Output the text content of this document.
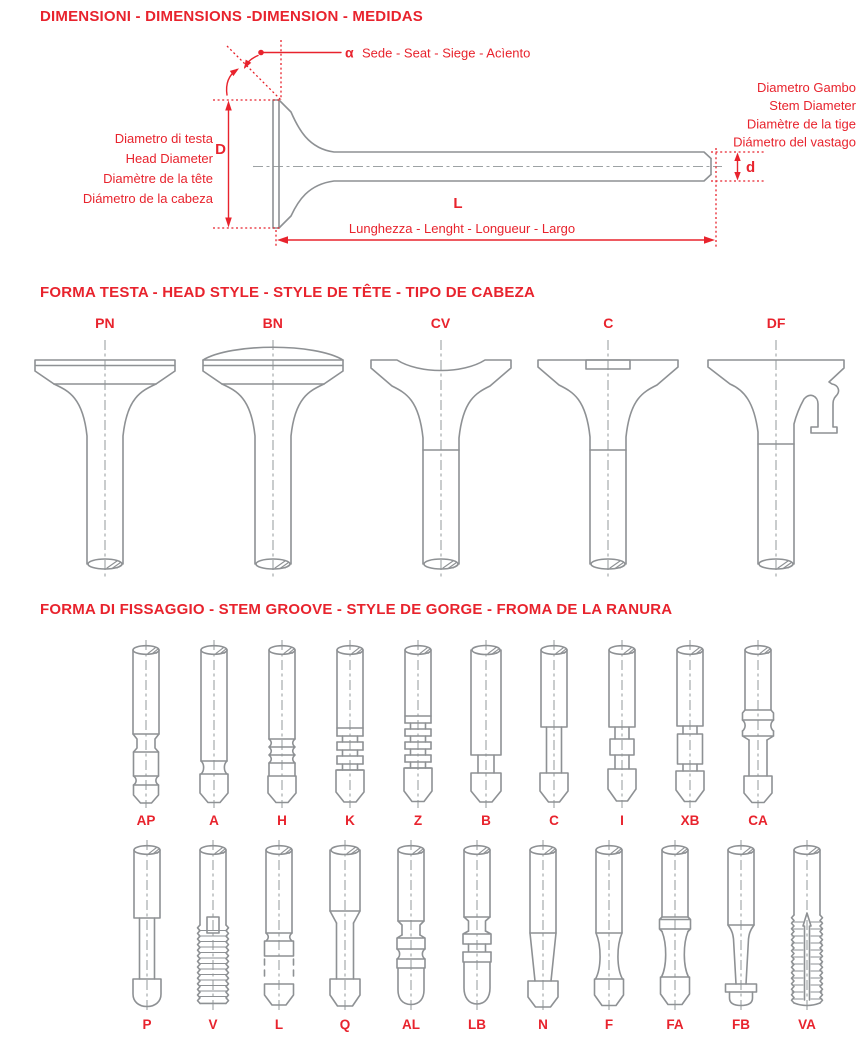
DIMENSIONI - DIMENSIONS -DIMENSION - MEDIDAS
α Sede - Seat - Siege - Acìento
D
Diametro di testa
Head Diameter
Diamètre de la tête
Diámetro de la cabeza
Diametro Gambo
Stem Diameter
Diamètre de la tige
Diámetro del vastago
d
L
Lunghezza - Lenght - Longueur - Largo
FORMA TESTA - HEAD STYLE - STYLE DE TÊTE - TIPO DE CABEZA
PN	BN	CV	C	DF
FORMA DI FISSAGGIO - STEM GROOVE - STYLE DE GORGE - FROMA DE LA RANURA
AP	A	H	K	Z	B	C	I	XB	CA
P	V	L	Q	AL	LB	N	F	FA	FB	VA
